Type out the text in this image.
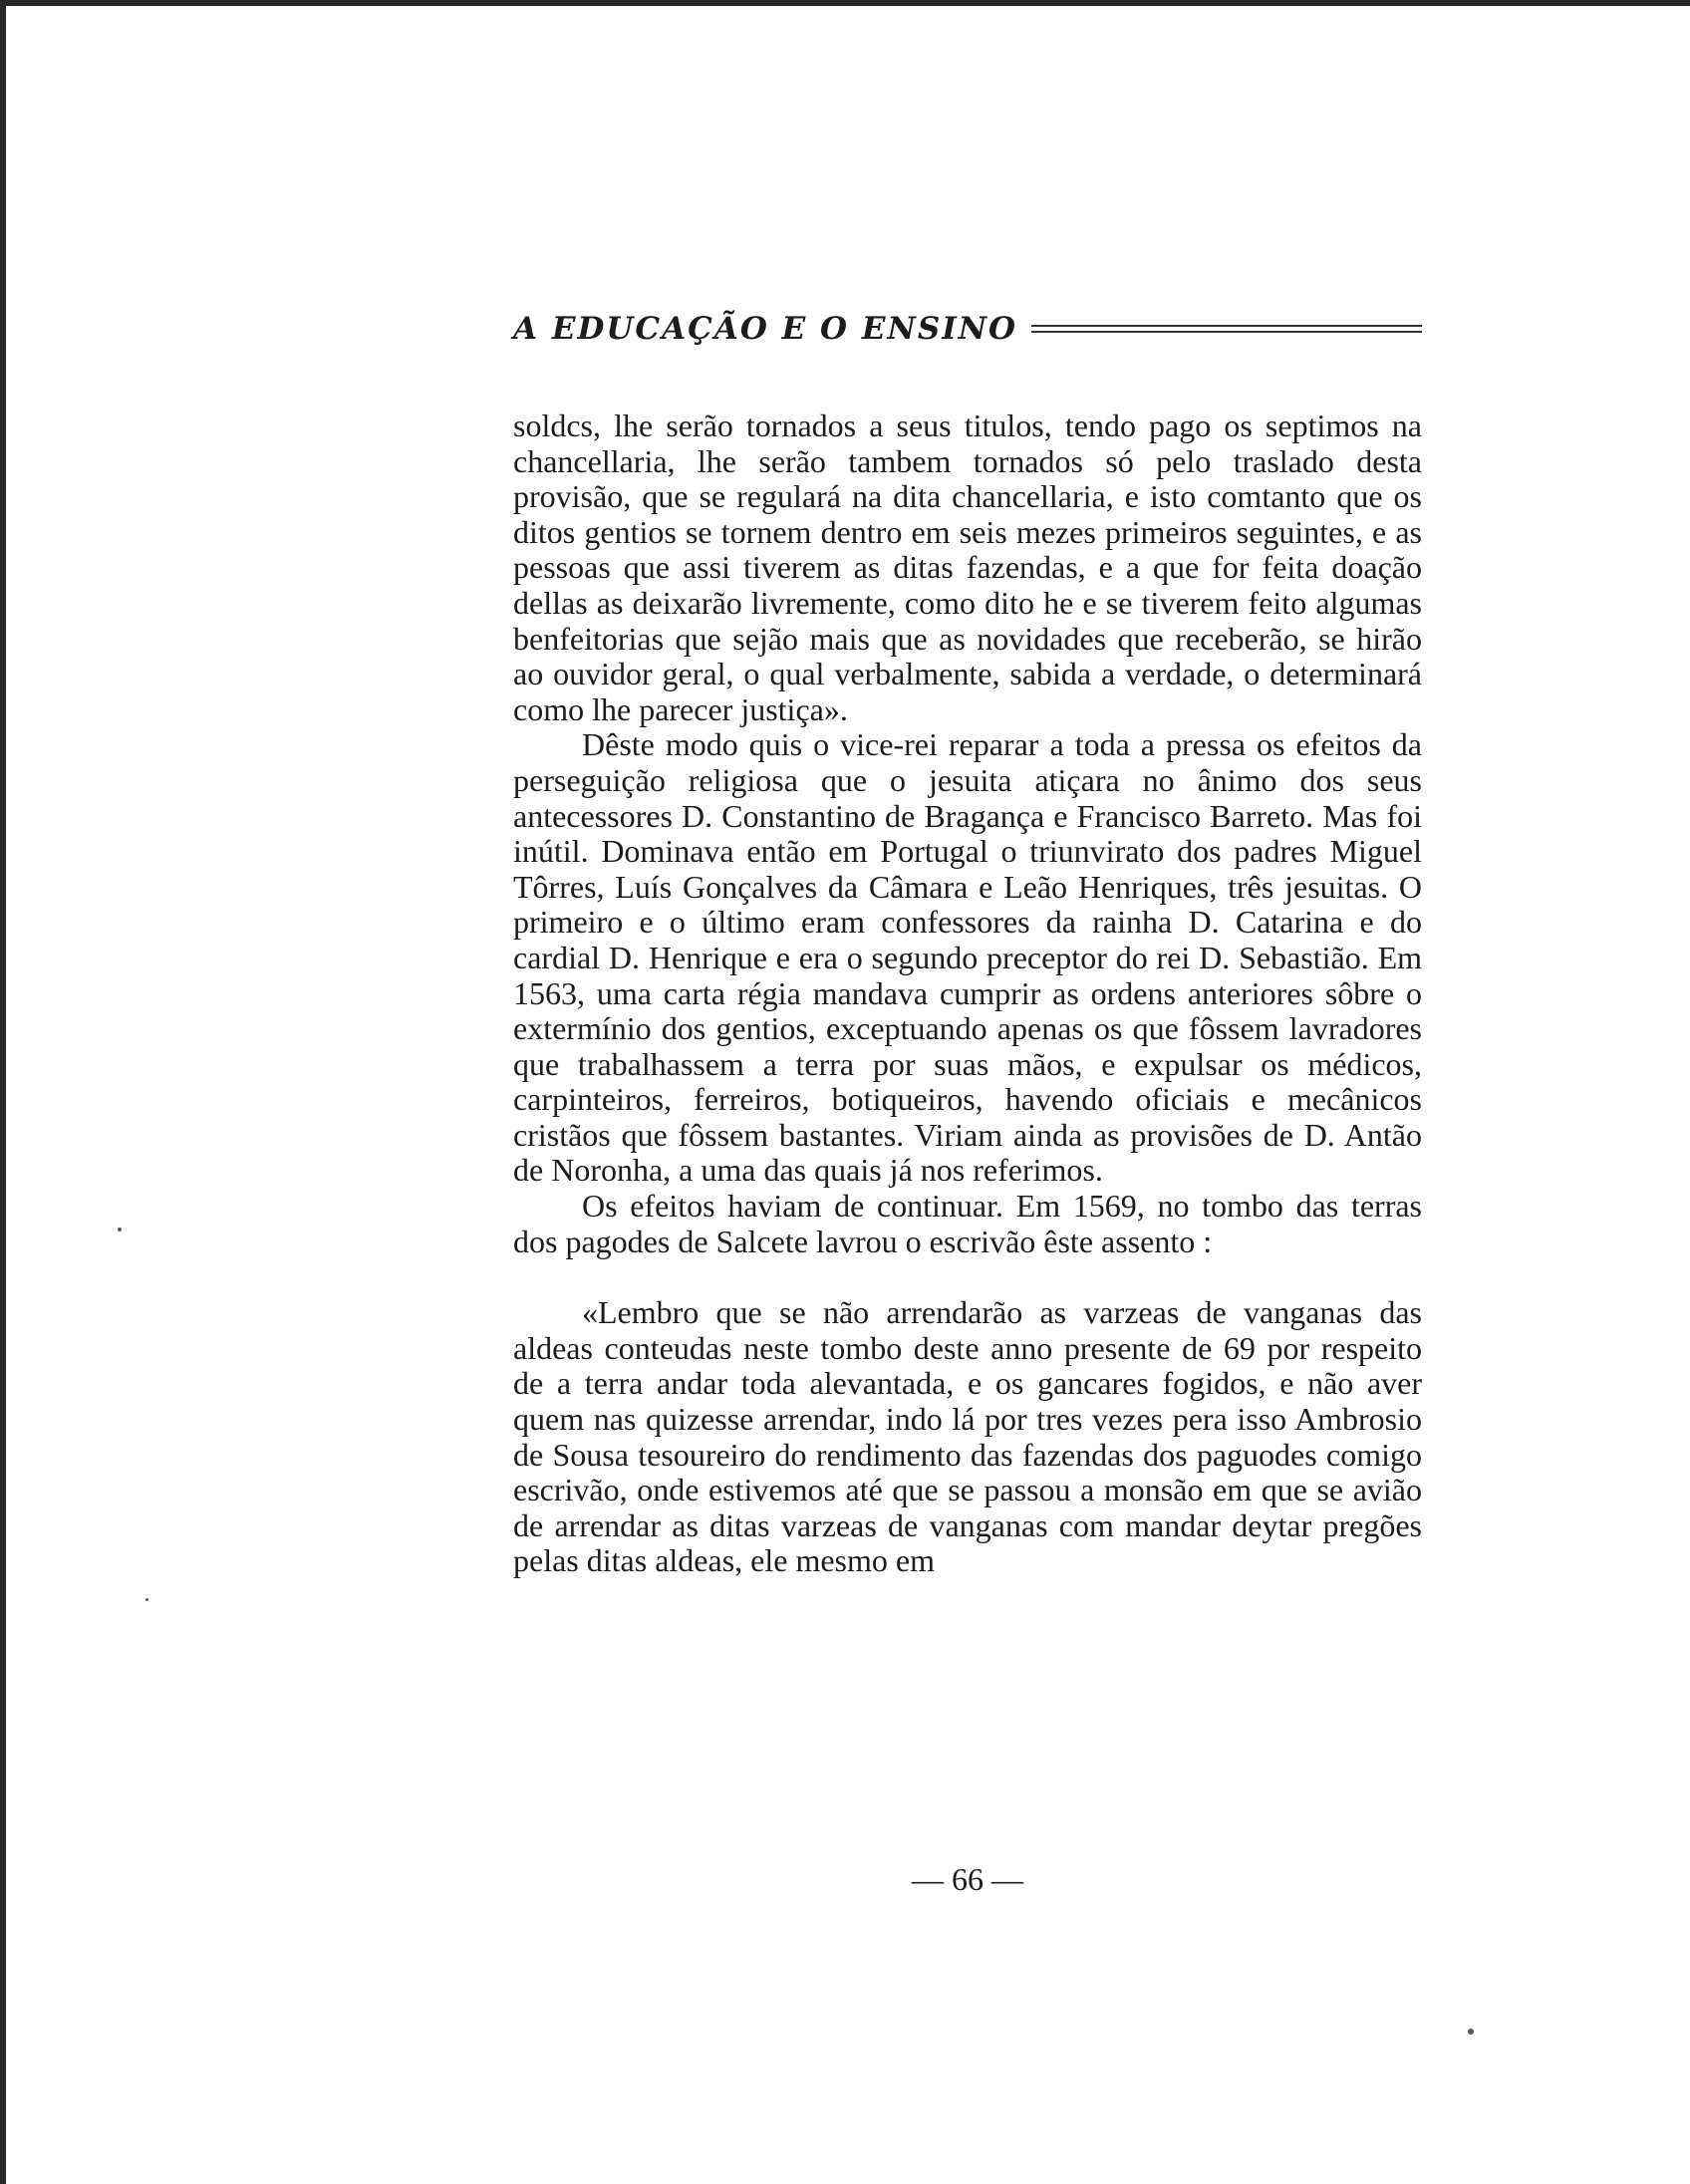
A EDUCAÇÃO E O ENSINO

soldcs, lhe serão tornados a seus titulos, tendo pago os septimos na chancellaria, lhe serão tambem tornados só pelo traslado desta provisão, que se regulará na dita chancellaria, e isto comtanto que os ditos gentios se tornem dentro em seis mezes primeiros seguintes, e as pessoas que assi tiverem as ditas fazendas, e a que for feita doação dellas as deixarão livremente, como dito he e se tiverem feito algumas benfeitorias que sejão mais que as novidades que receberão, se hirão ao ouvidor geral, o qual verbalmente, sabida a verdade, o determinará como lhe parecer justiça».

Dêste modo quis o vice-rei reparar a toda a pressa os efeitos da perseguição religiosa que o jesuita atiçara no ânimo dos seus antecessores D. Constantino de Bragança e Francisco Barreto. Mas foi inútil. Dominava então em Portugal o triunvirato dos padres Miguel Tôrres, Luís Gonçalves da Câmara e Leão Henriques, três jesuitas. O primeiro e o último eram confessores da rainha D. Catarina e do cardial D. Henrique e era o segundo preceptor do rei D. Sebastião. Em 1563, uma carta régia mandava cumprir as ordens anteriores sôbre o extermínio dos gentios, exceptuando apenas os que fôssem lavradores que trabalhassem a terra por suas mãos, e expulsar os médicos, carpinteiros, ferreiros, botiqueiros, havendo oficiais e mecânicos cristãos que fôssem bastantes. Viriam ainda as provisões de D. Antão de Noronha, a uma das quais já nos referimos.

Os efeitos haviam de continuar. Em 1569, no tombo das terras dos pagodes de Salcete lavrou o escrivão êste assento :

«Lembro que se não arrendarão as varzeas de vanganas das aldeas conteudas neste tombo deste anno presente de 69 por respeito de a terra andar toda alevantada, e os gancares fogidos, e não aver quem nas quizesse arrendar, indo lá por tres vezes pera isso Ambrosio de Sousa tesoureiro do rendimento das fazendas dos paguodes comigo escrivão, onde estivemos até que se passou a monsão em que se avião de arrendar as ditas varzeas de vanganas com mandar deytar pregões pelas ditas aldeas, ele mesmo em

— 66 —
